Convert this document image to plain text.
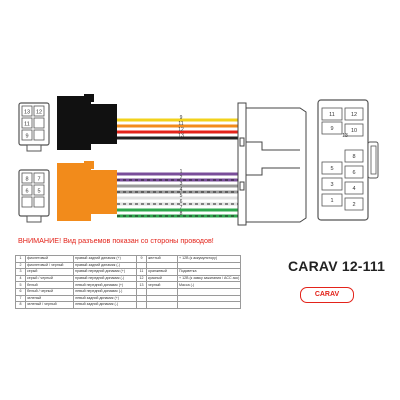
13 12
11
9
8 7
6 5
9
11
12
13
1
2
3
4
5
6
7
8
11
9
5
3
1
12
10
8
6
4
2
13
ВНИМАНИЕ! Вид разъемов показан со стороны проводов!
1	фиолетовый	правый задний динамик (+)	9	желтый	+ 12B (к аккумулятору)
2	фиолетовый / черный	правый задний динамик (-)			
3	серый	правый передний динамик (+)	11	оранжевый	Подсветка
4	серый / черный	правый передний динамик (-)	12	красный	+ 12B (к замку зажигания / ACC acc)
5	белый	левый передний динамик (+)	13	черный	Масса (-)
6	белый / черный	левый передний динамик (-)			
7	зеленый	левый задний динамик (+)			
8	зеленый / черный	левый задний динамик (-)			
CARAV 12-111
CARAV
